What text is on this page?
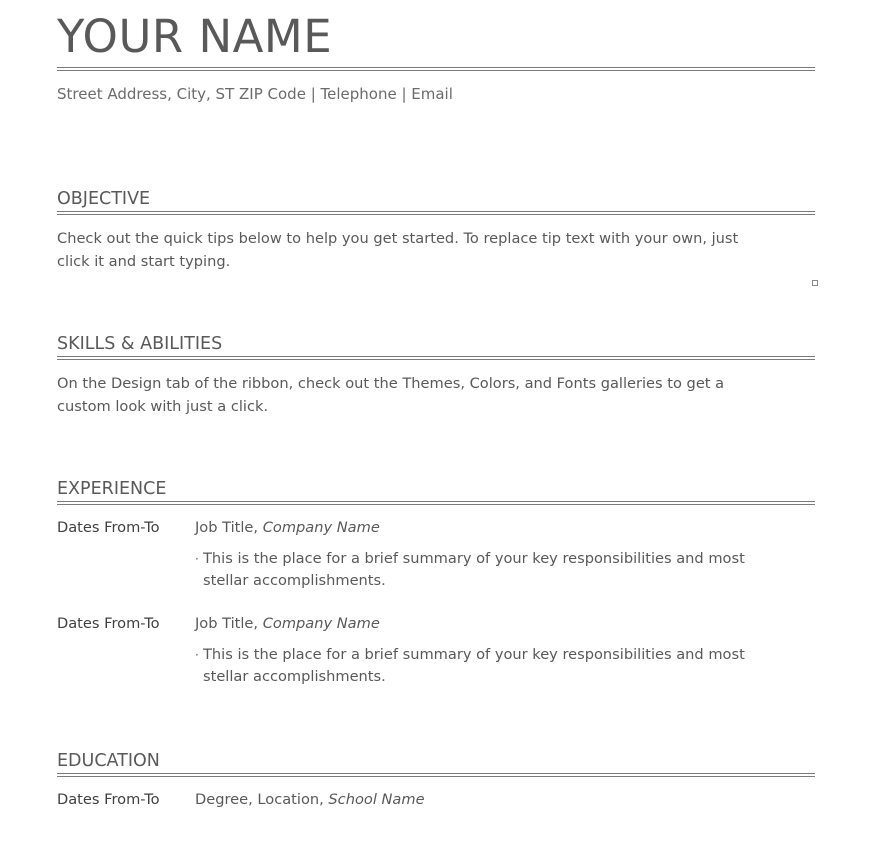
YOUR NAME
Street Address, City, ST ZIP Code | Telephone | Email
OBJECTIVE
Check out the quick tips below to help you get started. To replace tip text with your own, just
click it and start typing.
SKILLS & ABILITIES
On the Design tab of the ribbon, check out the Themes, Colors, and Fonts galleries to get a
custom look with just a click.
EXPERIENCE
Dates From-To Job Title, Company Name
· This is the place for a brief summary of your key responsibilities and most
stellar accomplishments.
Dates From-To Job Title, Company Name
· This is the place for a brief summary of your key responsibilities and most
stellar accomplishments.
EDUCATION
Dates From-To Degree, Location, School Name
